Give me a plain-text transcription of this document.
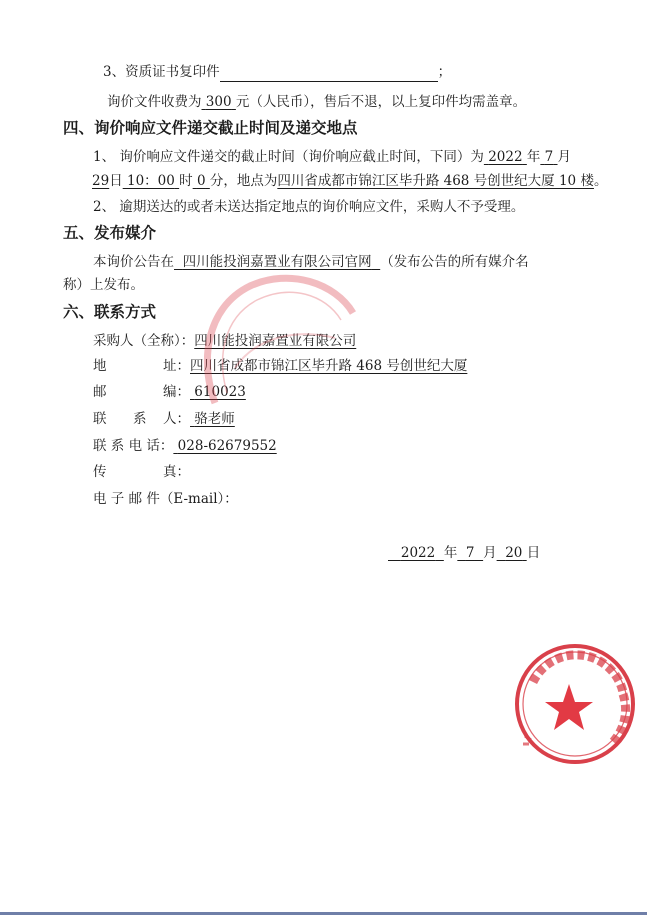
3、资质证书复印件	；
询价文件收费为 300 元（人民币），售后不退，以上复印件均需盖章。
四、询价响应文件递交截止时间及递交地点
1、 询价响应文件递交的截止时间（询价响应截止时间，下同）为 2022 年 7 月
29日 10：00 时 0 分，地点为四川省成都市锦江区毕升路 468 号创世纪大厦 10 楼。
2、 逾期送达的或者未送达指定地点的询价响应文件，采购人不予受理。
五、发布媒介
本询价公告在 四川能投润嘉置业有限公司官网 （发布公告的所有媒介名
称）上发布。
六、联系方式
采购人（全称）：四川能投润嘉置业有限公司
地	址：四川省成都市锦江区毕升路 468 号创世纪大厦
邮	编： 610023
联 系 人： 骆老师
联 系 电 话： 028-62679552
传	真：
电 子 邮 件（E-mail）：
2022 年 7 月 20 日
